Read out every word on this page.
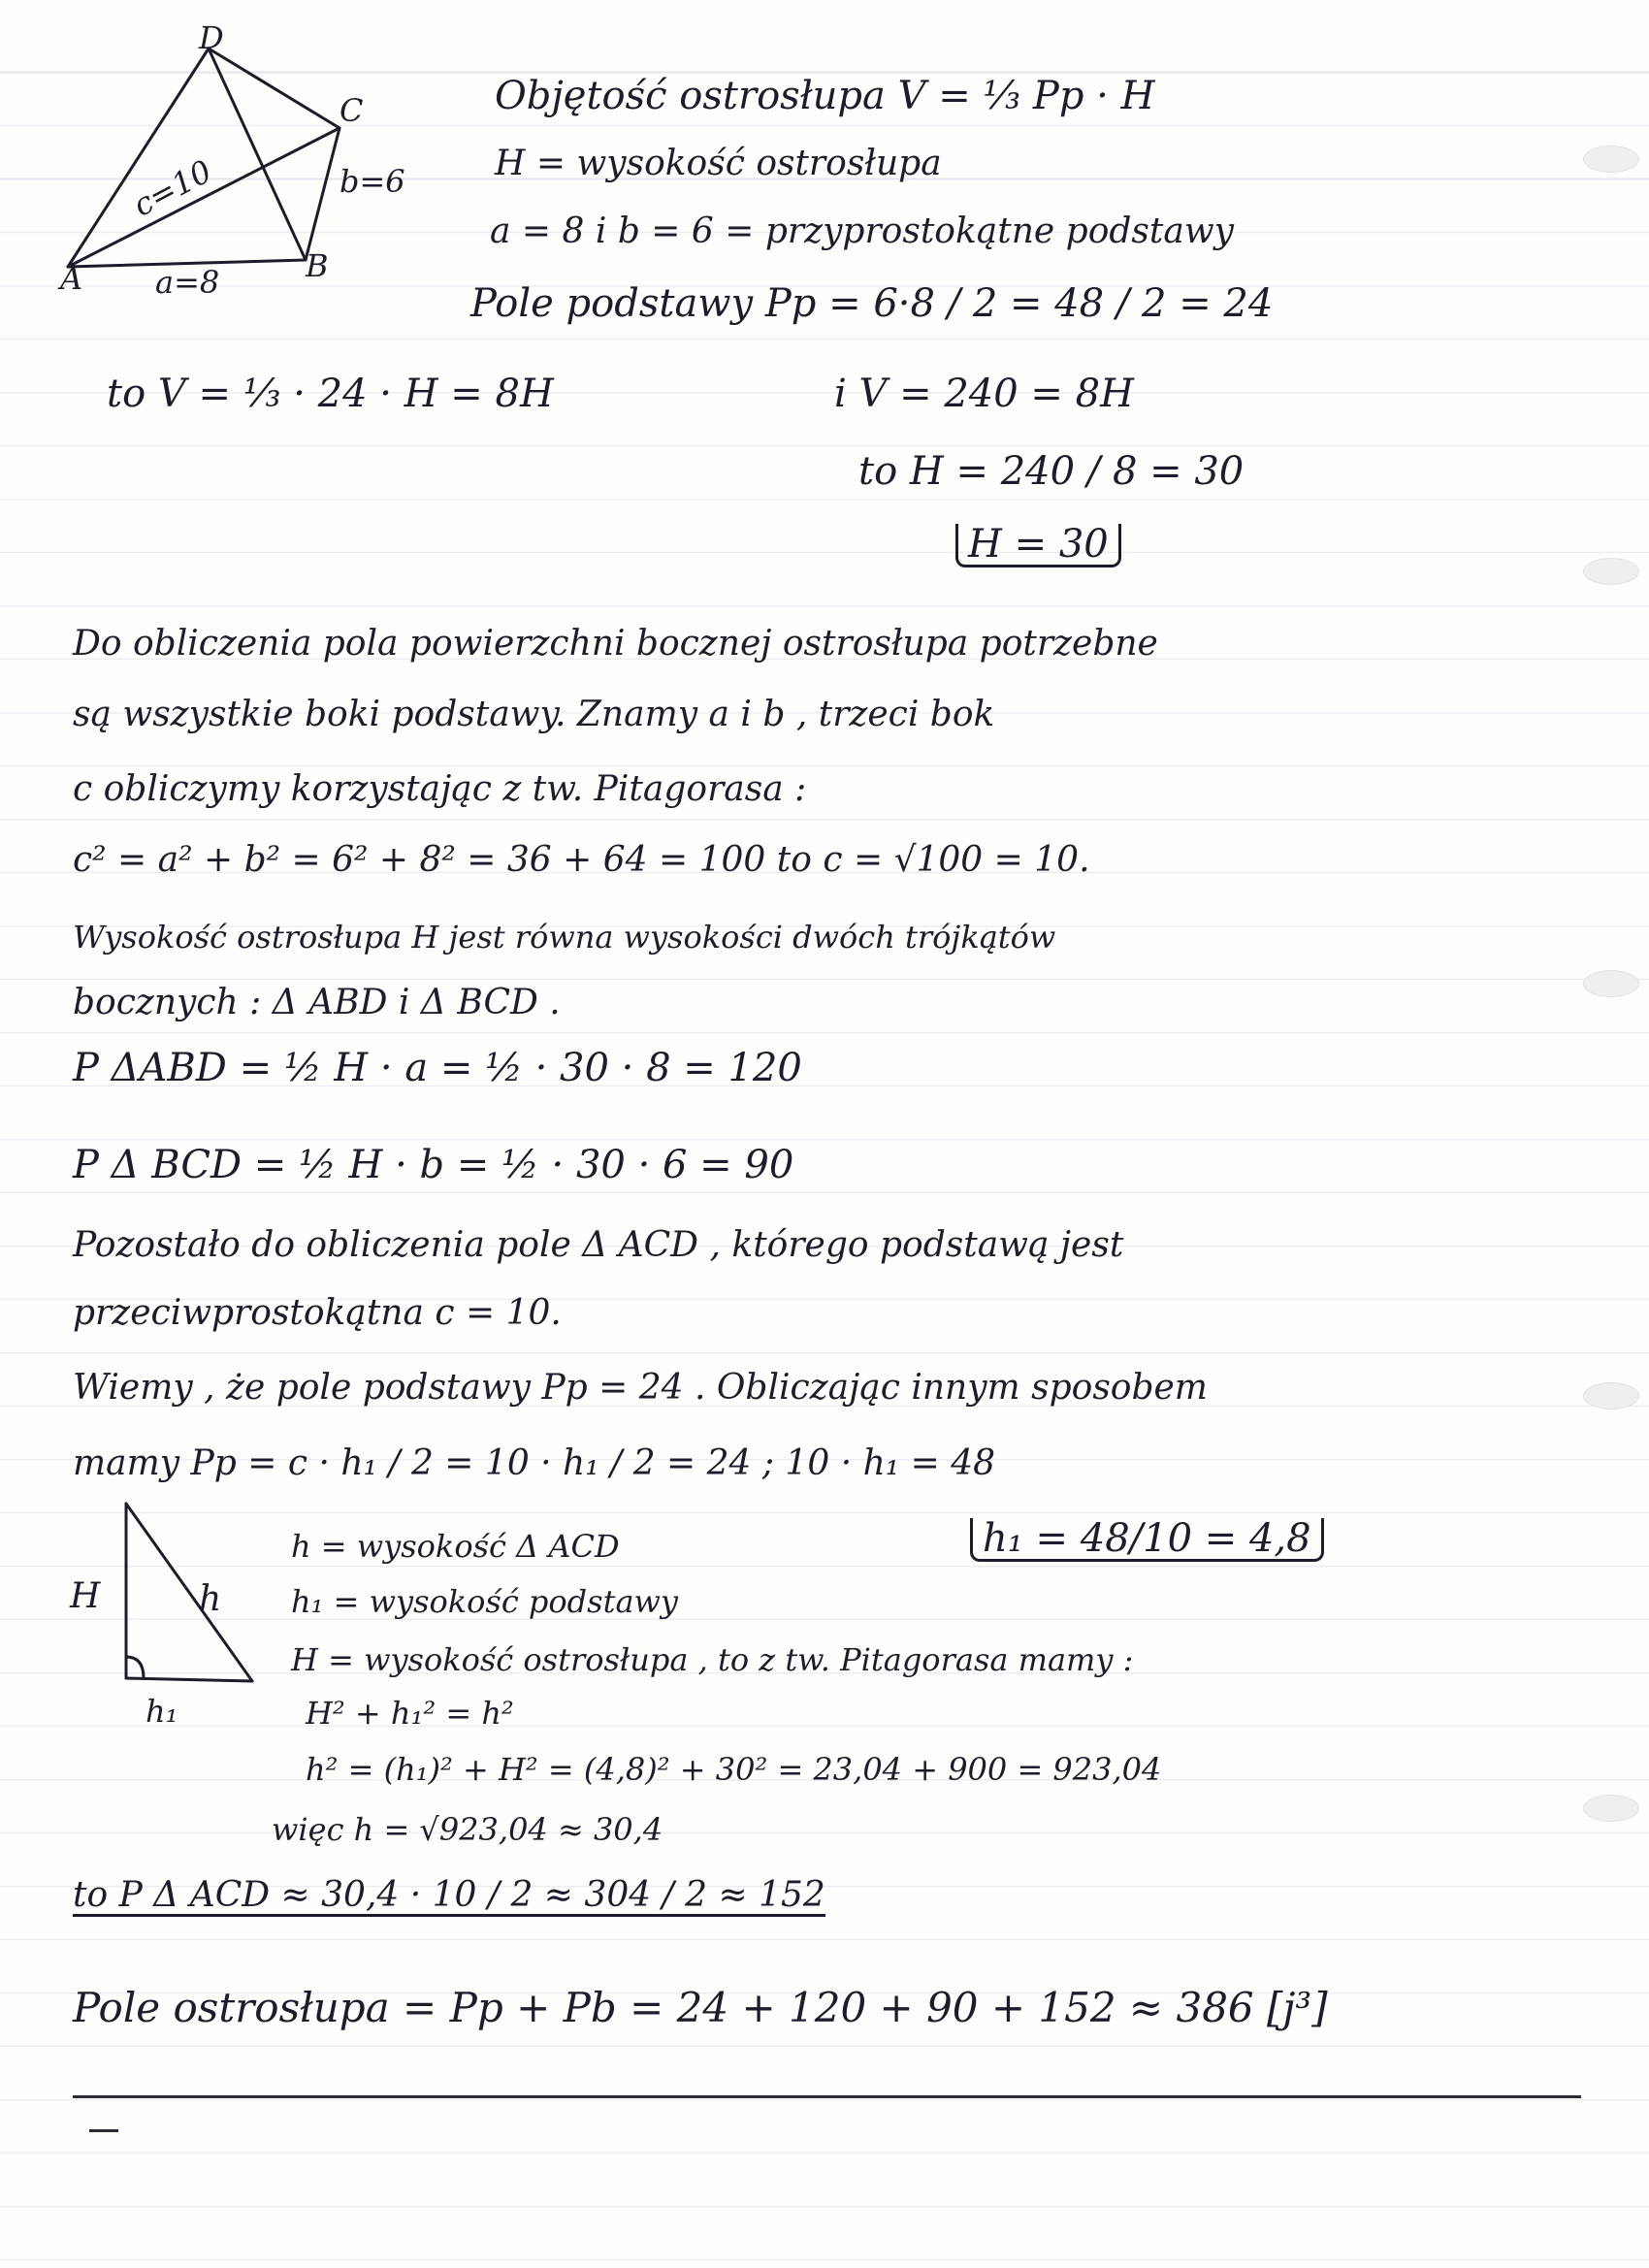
D
C
B
A
c=10
a=8
b=6
Objętość ostrosłupa V = ⅓ Pp · H
H = wysokość ostrosłupa
a = 8 i b = 6 = przyprostokątne podstawy
Pole podstawy Pp = 6·8 / 2 = 48 / 2 = 24
to V = ⅓ · 24 · H = 8H	i V = 240 = 8H
to H = 240 / 8 = 30
H = 30
Do obliczenia pola powierzchni bocznej ostrosłupa potrzebne
są wszystkie boki podstawy. Znamy a i b , trzeci bok
c obliczymy korzystając z tw. Pitagorasa :
c² = a² + b² = 6² + 8² = 36 + 64 = 100 to c = √100 = 10.
Wysokość ostrosłupa H jest równa wysokości dwóch trójkątów
bocznych : Δ ABD i Δ BCD .
P ΔABD = ½ H · a = ½ · 30 · 8 = 120
P Δ BCD = ½ H · b = ½ · 30 · 6 = 90
Pozostało do obliczenia pole Δ ACD , którego podstawą jest
przeciwprostokątna c = 10.
Wiemy , że pole podstawy Pp = 24 . Obliczając innym sposobem
mamy Pp = c · h₁ / 2 = 10 · h₁ / 2 = 24 ; 10 · h₁ = 48
h₁ = 48/10 = 4,8
H	h
h₁
h = wysokość Δ ACD
h₁ = wysokość podstawy
H = wysokość ostrosłupa , to z tw. Pitagorasa mamy :
H² + h₁² = h²
h² = (h₁)² + H² = (4,8)² + 30² = 23,04 + 900 = 923,04
więc h = √923,04 ≈ 30,4
to P Δ ACD ≈ 30,4 · 10 / 2 ≈ 304 / 2 ≈ 152
Pole ostrosłupa = Pp + Pb = 24 + 120 + 90 + 152 ≈ 386 [j³]
